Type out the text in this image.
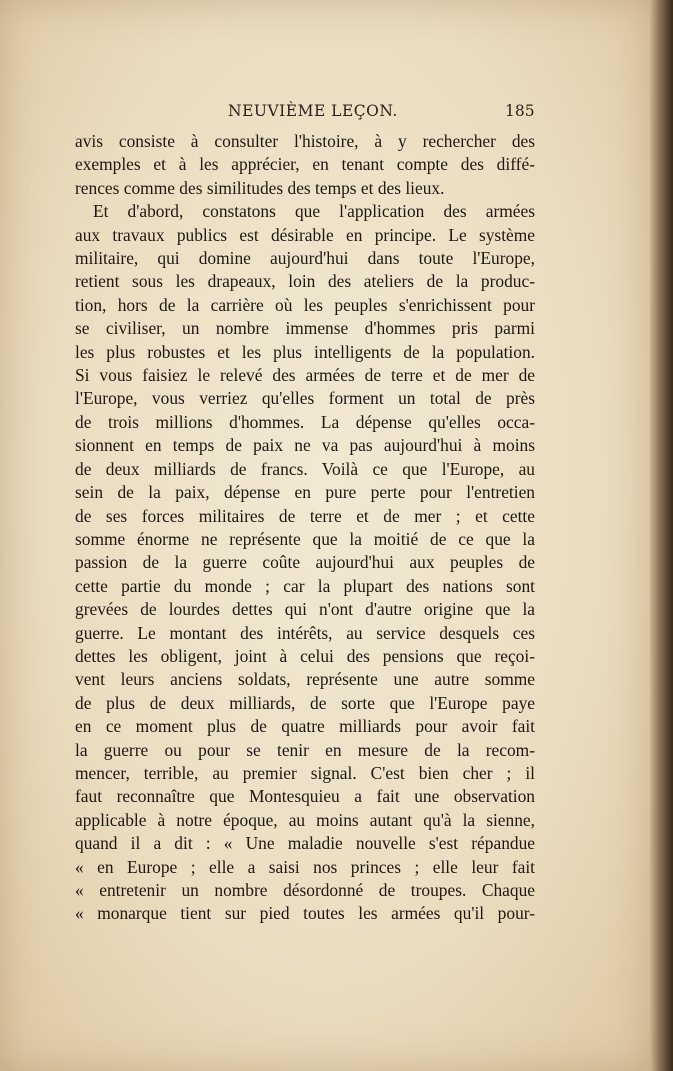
NEUVIÈME LEÇON.	185
avis consiste à consulter l'histoire, à y rechercher des
exemples et à les apprécier, en tenant compte des diffé-
rences comme des similitudes des temps et des lieux.
Et d'abord, constatons que l'application des armées
aux travaux publics est désirable en principe. Le système
militaire, qui domine aujourd'hui dans toute l'Europe,
retient sous les drapeaux, loin des ateliers de la produc-
tion, hors de la carrière où les peuples s'enrichissent pour
se civiliser, un nombre immense d'hommes pris parmi
les plus robustes et les plus intelligents de la population.
Si vous faisiez le relevé des armées de terre et de mer de
l'Europe, vous verriez qu'elles forment un total de près
de trois millions d'hommes. La dépense qu'elles occa-
sionnent en temps de paix ne va pas aujourd'hui à moins
de deux milliards de francs. Voilà ce que l'Europe, au
sein de la paix, dépense en pure perte pour l'entretien
de ses forces militaires de terre et de mer ; et cette
somme énorme ne représente que la moitié de ce que la
passion de la guerre coûte aujourd'hui aux peuples de
cette partie du monde ; car la plupart des nations sont
grevées de lourdes dettes qui n'ont d'autre origine que la
guerre. Le montant des intérêts, au service desquels ces
dettes les obligent, joint à celui des pensions que reçoi-
vent leurs anciens soldats, représente une autre somme
de plus de deux milliards, de sorte que l'Europe paye
en ce moment plus de quatre milliards pour avoir fait
la guerre ou pour se tenir en mesure de la recom-
mencer, terrible, au premier signal. C'est bien cher ; il
faut reconnaître que Montesquieu a fait une observation
applicable à notre époque, au moins autant qu'à la sienne,
quand il a dit : « Une maladie nouvelle s'est répandue
« en Europe ; elle a saisi nos princes ; elle leur fait
« entretenir un nombre désordonné de troupes. Chaque
« monarque tient sur pied toutes les armées qu'il pour-
